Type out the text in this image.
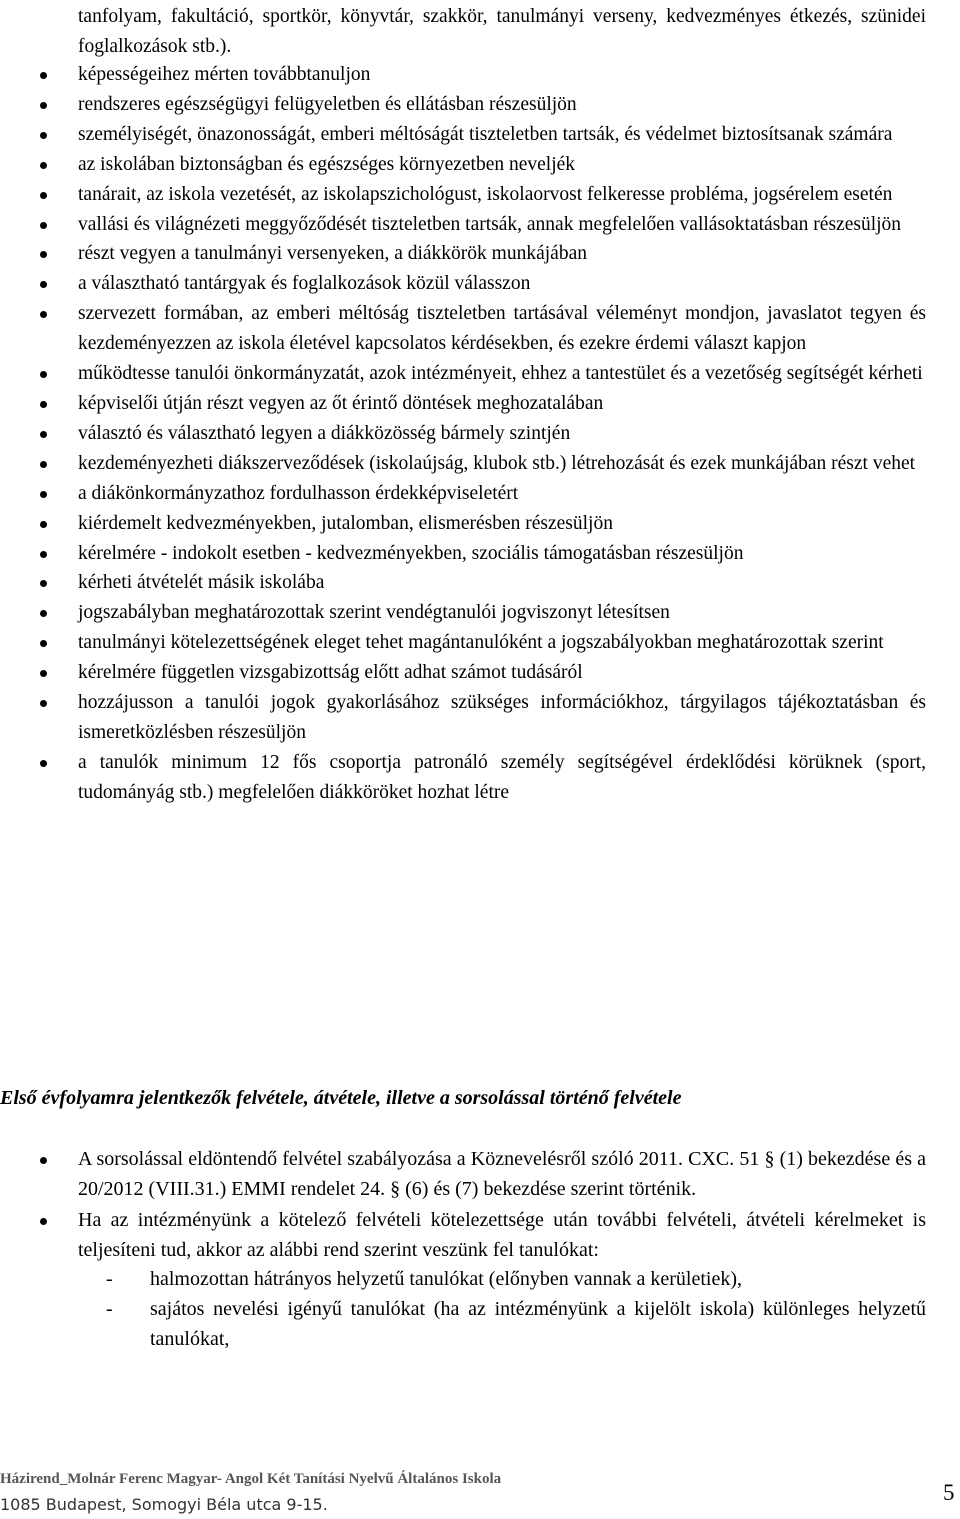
tanfolyam, fakultáció, sportkör, könyvtár, szakkör, tanulmányi verseny, kedvezményes étkezés, szünidei foglalkozások stb.).

képességeihez mérten továbbtanuljon
rendszeres egészségügyi felügyeletben és ellátásban részesüljön
személyiségét, önazonosságát, emberi méltóságát tiszteletben tartsák, és védelmet biztosítsanak számára
az iskolában biztonságban és egészséges környezetben neveljék
tanárait, az iskola vezetését, az iskolapszichológust, iskolaorvost felkeresse probléma, jogsérelem esetén
vallási és világnézeti meggyőződését tiszteletben tartsák, annak megfelelően vallásoktatásban részesüljön
részt vegyen a tanulmányi versenyeken, a diákkörök munkájában
a választható tantárgyak és foglalkozások közül válasszon
szervezett formában, az emberi méltóság tiszteletben tartásával véleményt mondjon, javaslatot tegyen és kezdeményezzen az iskola életével kapcsolatos kérdésekben, és ezekre érdemi választ kapjon
működtesse tanulói önkormányzatát, azok intézményeit, ehhez a tantestület és a vezetőség segítségét kérheti
képviselői útján részt vegyen az őt érintő döntések meghozatalában
választó és választható legyen a diákközösség bármely szintjén
kezdeményezheti diákszerveződések (iskolaújság, klubok stb.) létrehozását és ezek munkájában részt vehet
a diákönkormányzathoz fordulhasson érdekképviseletért
kiérdemelt kedvezményekben, jutalomban, elismerésben részesüljön
kérelmére - indokolt esetben - kedvezményekben, szociális támogatásban részesüljön
kérheti átvételét másik iskolába
jogszabályban meghatározottak szerint vendégtanulói jogviszonyt létesítsen
tanulmányi kötelezettségének eleget tehet magántanulóként a jogszabályokban meghatározottak szerint
kérelmére független vizsgabizottság előtt adhat számot tudásáról
hozzájusson a tanulói jogok gyakorlásához szükséges információkhoz, tárgyilagos tájékoztatásban és ismeretközlésben részesüljön
a tanulók minimum 12 fős csoportja patronáló személy segítségével érdeklődési körüknek (sport, tudományág stb.) megfelelően diákköröket hozhat létre
Első évfolyamra jelentkezők felvétele, átvétele, illetve a sorsolással történő felvétele
A sorsolással eldöntendő felvétel szabályozása a Köznevelésről szóló 2011. CXC. 51 § (1) bekezdése és a 20/2012 (VIII.31.) EMMI rendelet 24. § (6) és (7) bekezdése szerint történik.
Ha az intézményünk a kötelező felvételi kötelezettsége után további felvételi, átvételi kérelmeket is teljesíteni tud, akkor az alábbi rend szerint veszünk fel tanulókat:
- halmozottan hátrányos helyzetű tanulókat (előnyben vannak a kerületiek),
- sajátos nevelési igényű tanulókat (ha az intézményünk a kijelölt iskola) különleges helyzetű tanulókat,
Házirend_Molnár Ferenc Magyar- Angol Két Tanítási Nyelvű Általános Iskola
1085 Budapest, Somogyi Béla utca 9-15.	5
